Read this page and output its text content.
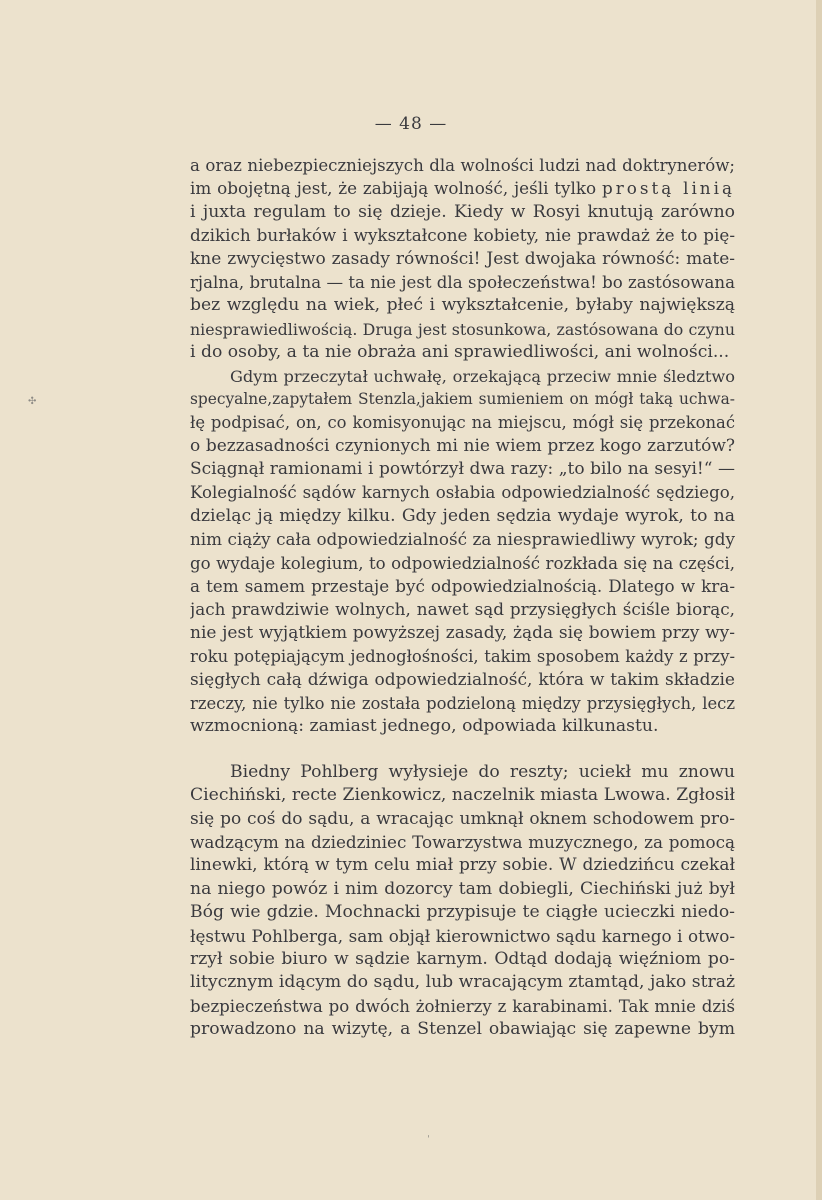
— 48 —
a oraz niebezpieczniejszych dla wolności ludzi nad doktrynerów;
im obojętną jest, że zabijają wolność, jeśli tylko prostą linią
i juxta regulam to się dzieje. Kiedy w Rosyi knutują zarówno
dzikich burłaków i wykształcone kobiety, nie prawdaż że to pię-
kne zwycięstwo zasady równości! Jest dwojaka równość: mate-
rjalna, brutalna — ta nie jest dla społeczeństwa! bo zastósowana
bez względu na wiek, płeć i wykształcenie, byłaby największą
niesprawiedliwością. Druga jest stosunkowa, zastósowana do czynu
i do osoby, a ta nie obraża ani sprawiedliwości, ani wolności...
Gdym przeczytał uchwałę, orzekającą przeciw mnie śledztwo
specyalne,zapytałem Stenzla,jakiem sumieniem on mógł taką uchwa-
łę podpisać, on, co komisyonując na miejscu, mógł się przekonać
o bezzasadności czynionych mi nie wiem przez kogo zarzutów?
Sciągnął ramionami i powtórzył dwa razy: „to bilo na sesyi!“ —
Kolegialność sądów karnych osłabia odpowiedzialność sędziego,
dzieląc ją między kilku. Gdy jeden sędzia wydaje wyrok, to na
nim ciąży cała odpowiedzialność za niesprawiedliwy wyrok; gdy
go wydaje kolegium, to odpowiedzialność rozkłada się na części,
a tem samem przestaje być odpowiedzialnością. Dlatego w kra-
jach prawdziwie wolnych, nawet sąd przysięgłych ściśle biorąc,
nie jest wyjątkiem powyższej zasady, żąda się bowiem przy wy-
roku potępiającym jednogłośności, takim sposobem każdy z przy-
sięgłych całą dźwiga odpowiedzialność, która w takim składzie
rzeczy, nie tylko nie została podzieloną między przysięgłych, lecz
wzmocnioną: zamiast jednego, odpowiada kilkunastu.
Biedny Pohlberg wyłysieje do reszty; uciekł mu znowu
Ciechiński, recte Zienkowicz, naczelnik miasta Lwowa. Zgłosił
się po coś do sądu, a wracając umknął oknem schodowem pro-
wadzącym na dziedziniec Towarzystwa muzycznego, za pomocą
linewki, którą w tym celu miał przy sobie. W dziedzińcu czekał
na niego powóz i nim dozorcy tam dobiegli, Ciechiński już był
Bóg wie gdzie. Mochnacki przypisuje te ciągłe ucieczki niedo-
łęstwu Pohlberga, sam objął kierownictwo sądu karnego i otwo-
rzył sobie biuro w sądzie karnym. Odtąd dodają więźniom po-
litycznym idącym do sądu, lub wracającym ztamtąd, jako straż
bezpieczeństwa po dwóch żołnierzy z karabinami. Tak mnie dziś
prowadzono na wizytę, a Stenzel obawiając się zapewne bym
✣
ˌ
